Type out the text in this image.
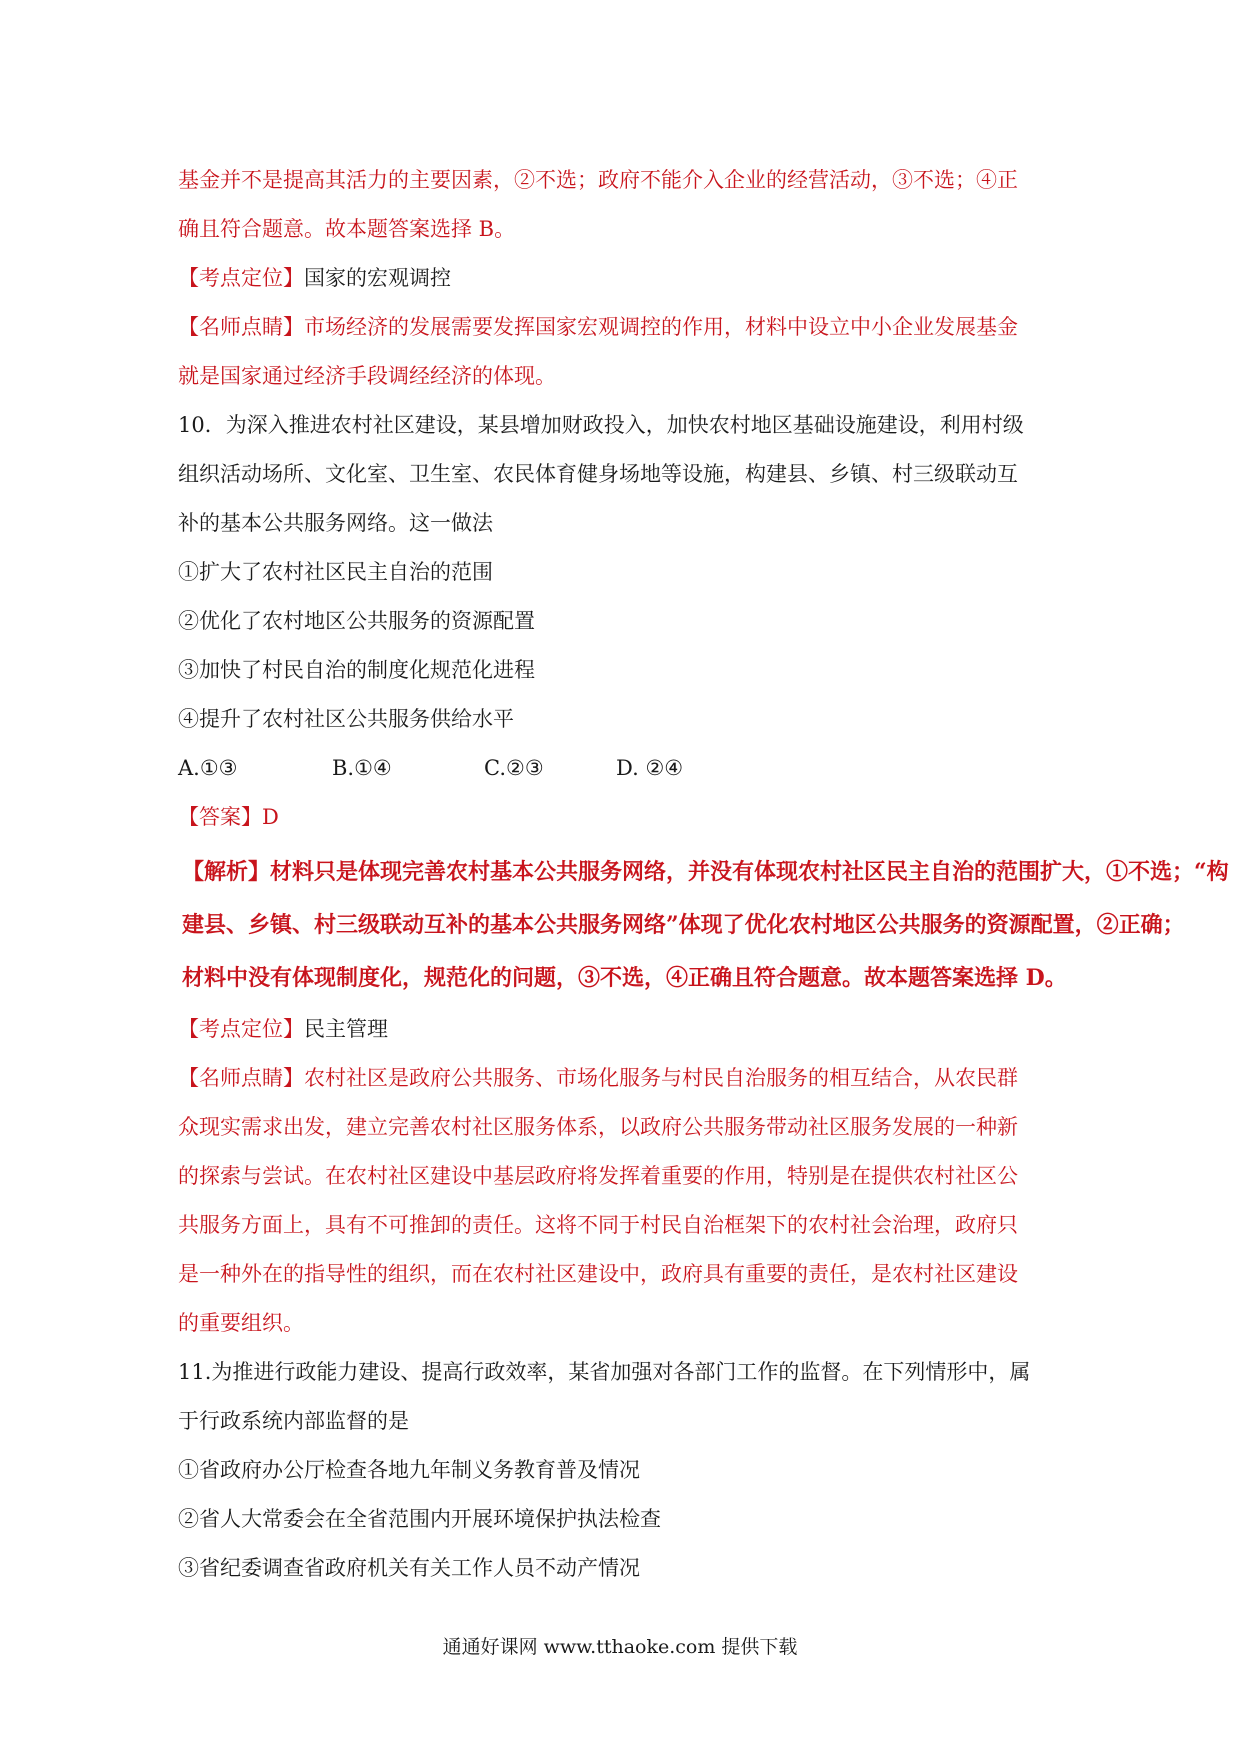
基金并不是提高其活力的主要因素，②不选；政府不能介入企业的经营活动，③不选；④正
确且符合题意。故本题答案选择 B。
【考点定位】国家的宏观调控
【名师点睛】市场经济的发展需要发挥国家宏观调控的作用，材料中设立中小企业发展基金
就是国家通过经济手段调经经济的体现。
10．为深入推进农村社区建设，某县增加财政投入，加快农村地区基础设施建设，利用村级
组织活动场所、文化室、卫生室、农民体育健身场地等设施，构建县、乡镇、村三级联动互
补的基本公共服务网络。这一做法
①扩大了农村社区民主自治的范围
②优化了农村地区公共服务的资源配置
③加快了村民自治的制度化规范化进程
④提升了农村社区公共服务供给水平
A.①③	B.①④	C.②③	D. ②④
【答案】D
【解析】材料只是体现完善农村基本公共服务网络，并没有体现农村社区民主自治的范围扩大，①不选；“构
建县、乡镇、村三级联动互补的基本公共服务网络”体现了优化农村地区公共服务的资源配置，②正确；
材料中没有体现制度化，规范化的问题，③不选，④正确且符合题意。故本题答案选择 D。
【考点定位】民主管理
【名师点睛】农村社区是政府公共服务、市场化服务与村民自治服务的相互结合，从农民群
众现实需求出发，建立完善农村社区服务体系，以政府公共服务带动社区服务发展的一种新
的探索与尝试。在农村社区建设中基层政府将发挥着重要的作用，特别是在提供农村社区公
共服务方面上，具有不可推卸的责任。这将不同于村民自治框架下的农村社会治理，政府只
是一种外在的指导性的组织，而在农村社区建设中，政府具有重要的责任，是农村社区建设
的重要组织。
11.为推进行政能力建设、提高行政效率，某省加强对各部门工作的监督。在下列情形中，属
于行政系统内部监督的是
①省政府办公厅检查各地九年制义务教育普及情况
②省人大常委会在全省范围内开展环境保护执法检查
③省纪委调查省政府机关有关工作人员不动产情况
通通好课网 www.tthaoke.com 提供下载
